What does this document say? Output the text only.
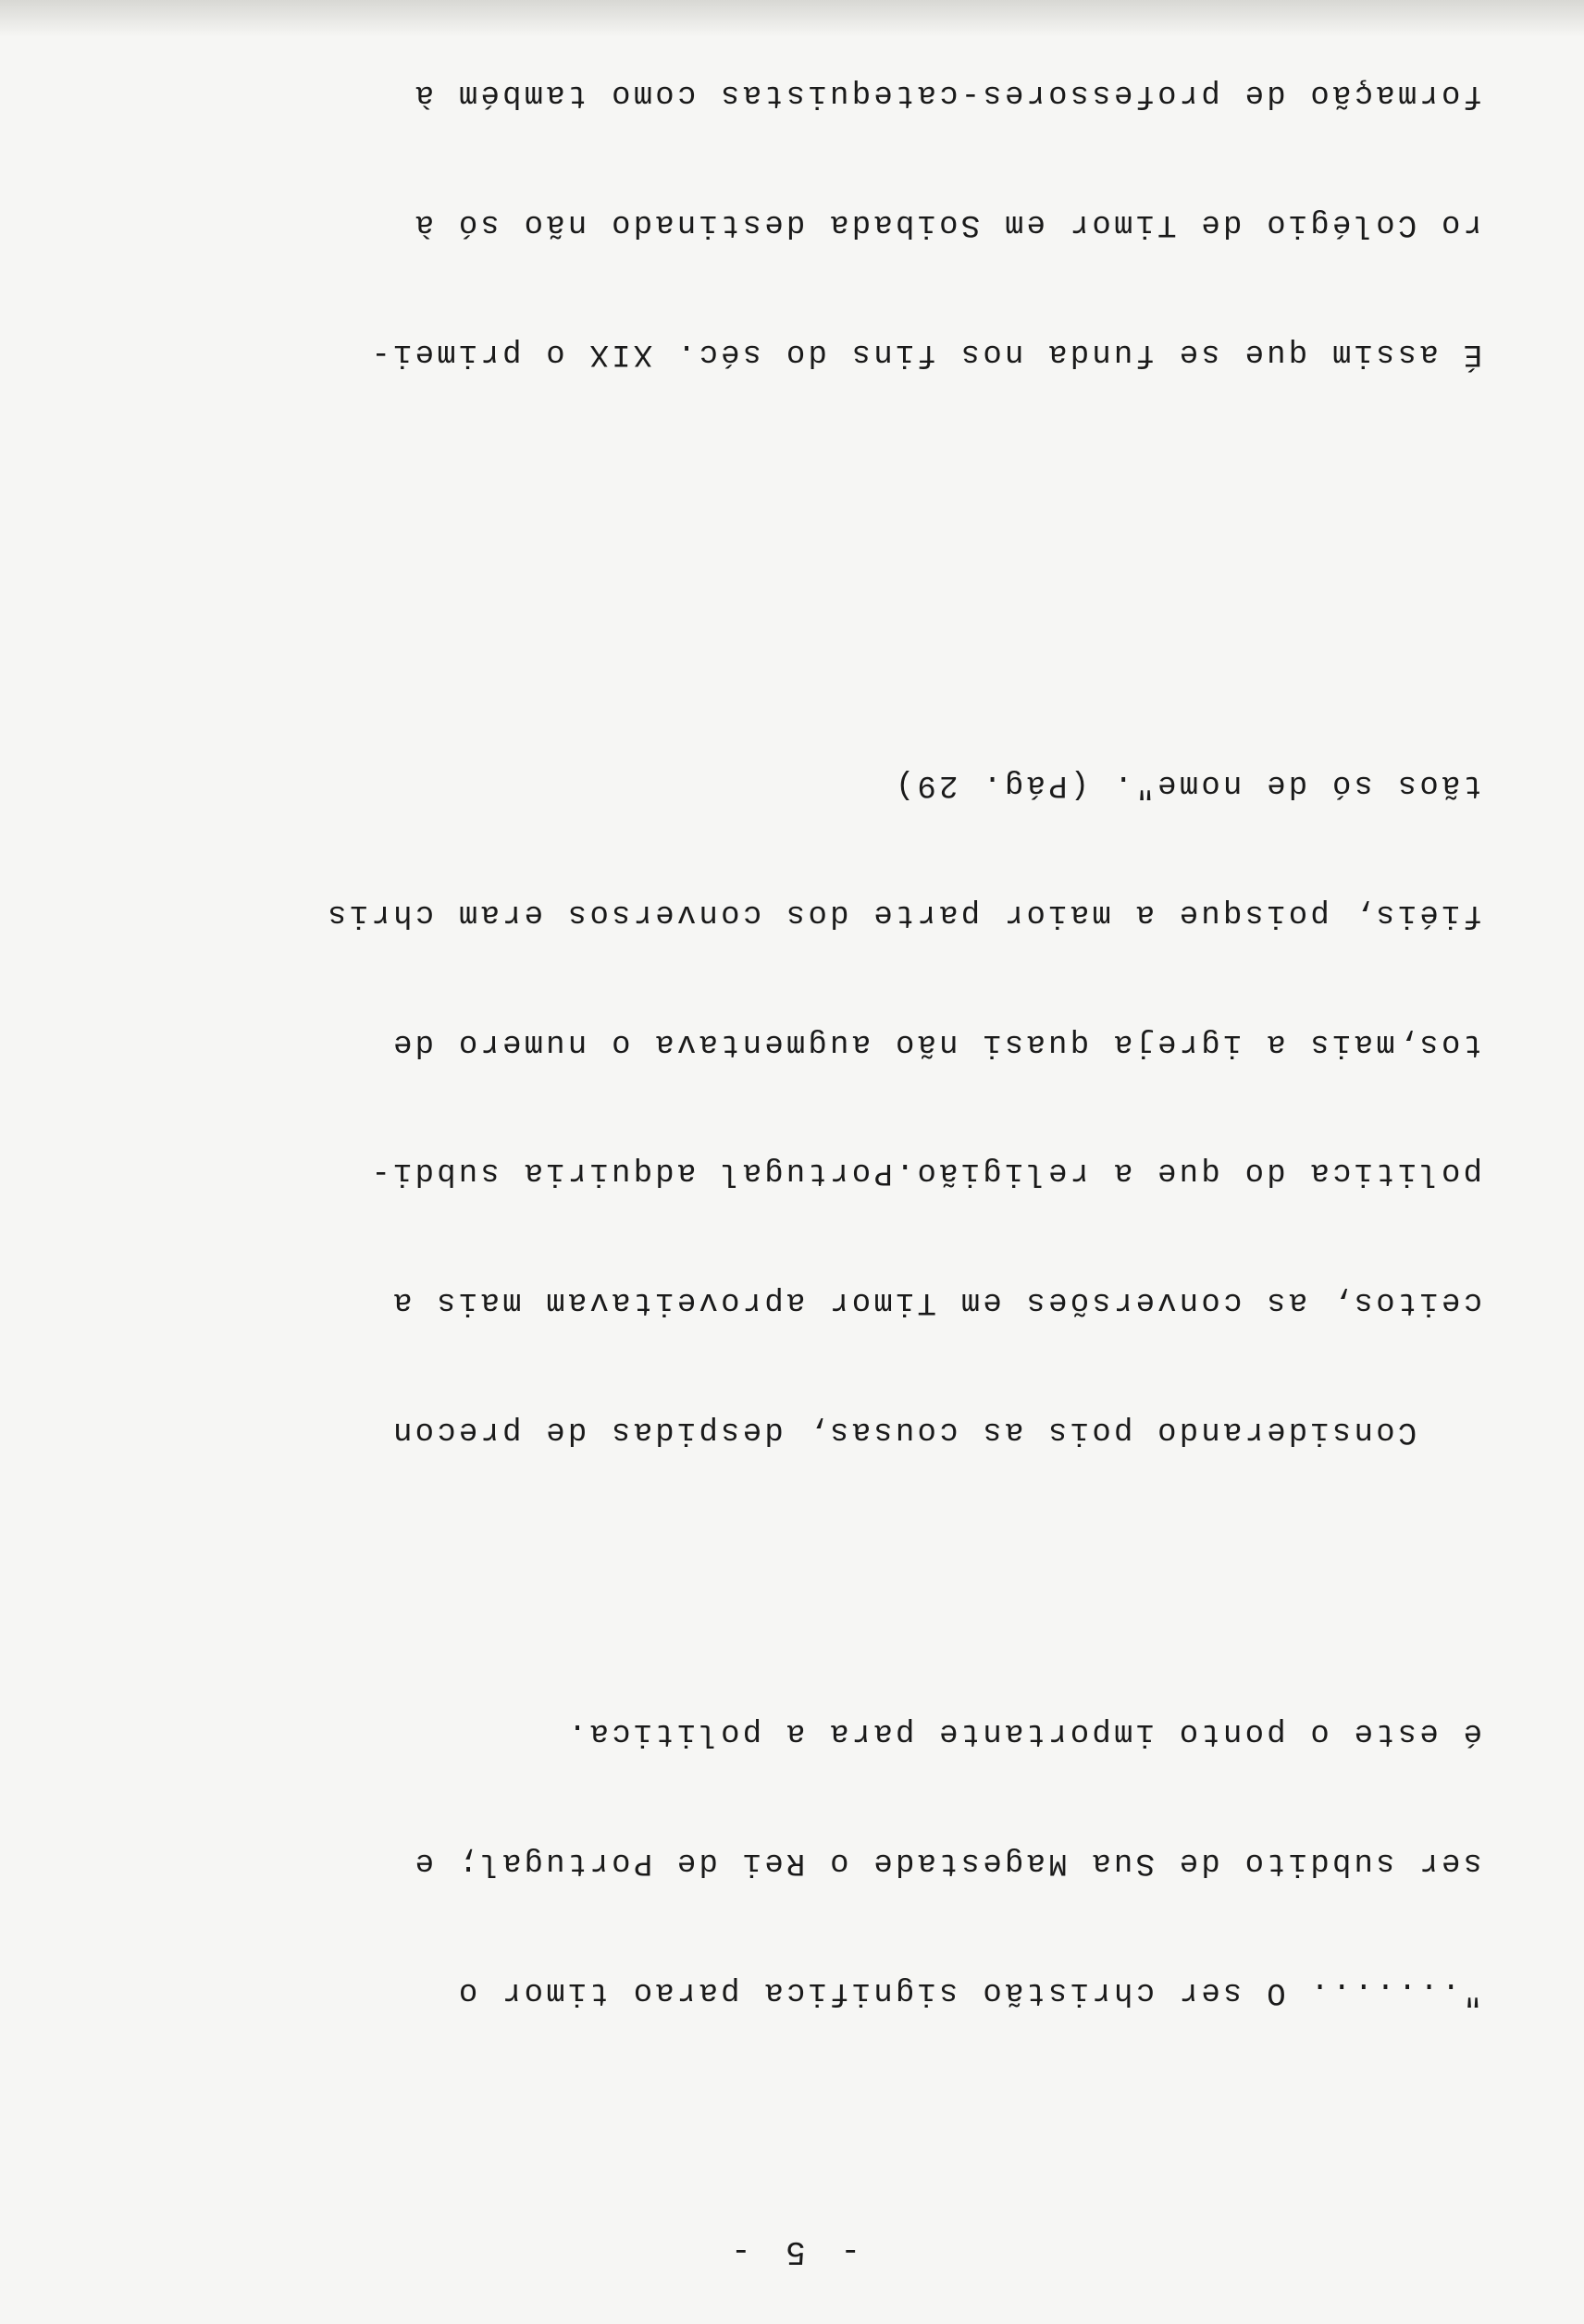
- 5 -

"....... O ser christão significa parao timor o

ser subdito de Sua Magestade o Rei de Portugal; e

é este o ponto importante para a politica.

Considerando pois as cousas, despidas de precon

ceitos, as conversões em Timor aproveitavam mais a

politica do que a religião.Portugal adquiria subdi-

tos,mais a igreja quasi não augmentava o numero de

fiéis, poisque a maior parte dos conversos eram chris

tãos só de nome". (Pág. 29)

É assim que se funda nos fins do séc. XIX o primei-

ro Colégio de Timor em Soibada destinado não só à

formação de professores-catequistas como também à
